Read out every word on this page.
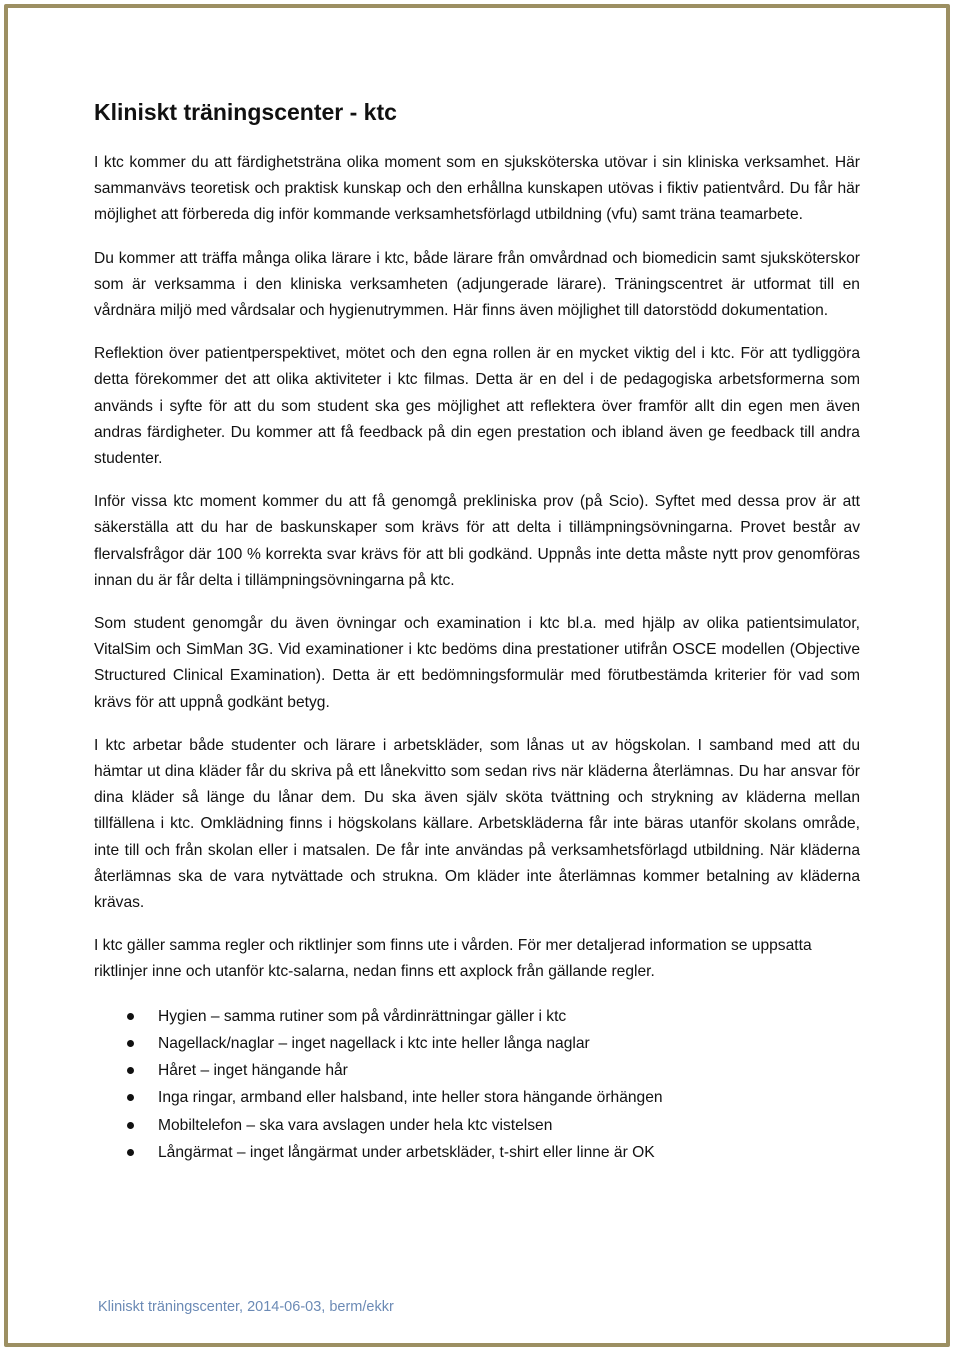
Kliniskt träningscenter - ktc

I ktc kommer du att färdighetsträna olika moment som en sjuksköterska utövar i sin kliniska verksamhet. Här sammanvävs teoretisk och praktisk kunskap och den erhållna kunskapen utövas i fiktiv patientvård. Du får här möjlighet att förbereda dig inför kommande verksamhetsförlagd utbildning (vfu) samt träna teamarbete.

Du kommer att träffa många olika lärare i ktc, både lärare från omvårdnad och biomedicin samt sjuksköterskor som är verksamma i den kliniska verksamheten (adjungerade lärare). Träningscentret är utformat till en vårdnära miljö med vårdsalar och hygienutrymmen. Här finns även möjlighet till datorstödd dokumentation.

Reflektion över patientperspektivet, mötet och den egna rollen är en mycket viktig del i ktc. För att tydliggöra detta förekommer det att olika aktiviteter i ktc filmas. Detta är en del i de pedagogiska arbetsformerna som används i syfte för att du som student ska ges möjlighet att reflektera över framför allt din egen men även andras färdigheter. Du kommer att få feedback på din egen prestation och ibland även ge feedback till andra studenter.

Inför vissa ktc moment kommer du att få genomgå prekliniska prov (på Scio). Syftet med dessa prov är att säkerställa att du har de baskunskaper som krävs för att delta i tillämpningsövningarna. Provet består av flervalsfrågor där 100 % korrekta svar krävs för att bli godkänd. Uppnås inte detta måste nytt prov genomföras innan du är får delta i tillämpningsövningarna på ktc.

Som student genomgår du även övningar och examination i ktc bl.a. med hjälp av olika patientsimulator, VitalSim och SimMan 3G. Vid examinationer i ktc bedöms dina prestationer utifrån OSCE modellen (Objective Structured Clinical Examination). Detta är ett bedömningsformulär med förutbestämda kriterier för vad som krävs för att uppnå godkänt betyg.

I ktc arbetar både studenter och lärare i arbetskläder, som lånas ut av högskolan. I samband med att du hämtar ut dina kläder får du skriva på ett lånekvitto som sedan rivs när kläderna återlämnas. Du har ansvar för dina kläder så länge du lånar dem. Du ska även själv sköta tvättning och strykning av kläderna mellan tillfällena i ktc. Omklädning finns i högskolans källare. Arbetskläderna får inte bäras utanför skolans område, inte till och från skolan eller i matsalen. De får inte användas på verksamhetsförlagd utbildning. När kläderna återlämnas ska de vara nytvättade och strukna. Om kläder inte återlämnas kommer betalning av kläderna krävas.

I ktc gäller samma regler och riktlinjer som finns ute i vården. För mer detaljerad information se uppsatta riktlinjer inne och utanför ktc-salarna, nedan finns ett axplock från gällande regler.

Hygien – samma rutiner som på vårdinrättningar gäller i ktc
Nagellack/naglar – inget nagellack i ktc inte heller långa naglar
Håret – inget hängande hår
Inga ringar, armband eller halsband, inte heller stora hängande örhängen
Mobiltelefon – ska vara avslagen under hela ktc vistelsen
Långärmat – inget långärmat under arbetskläder, t-shirt eller linne är OK
Kliniskt träningscenter, 2014-06-03, berm/ekkr
